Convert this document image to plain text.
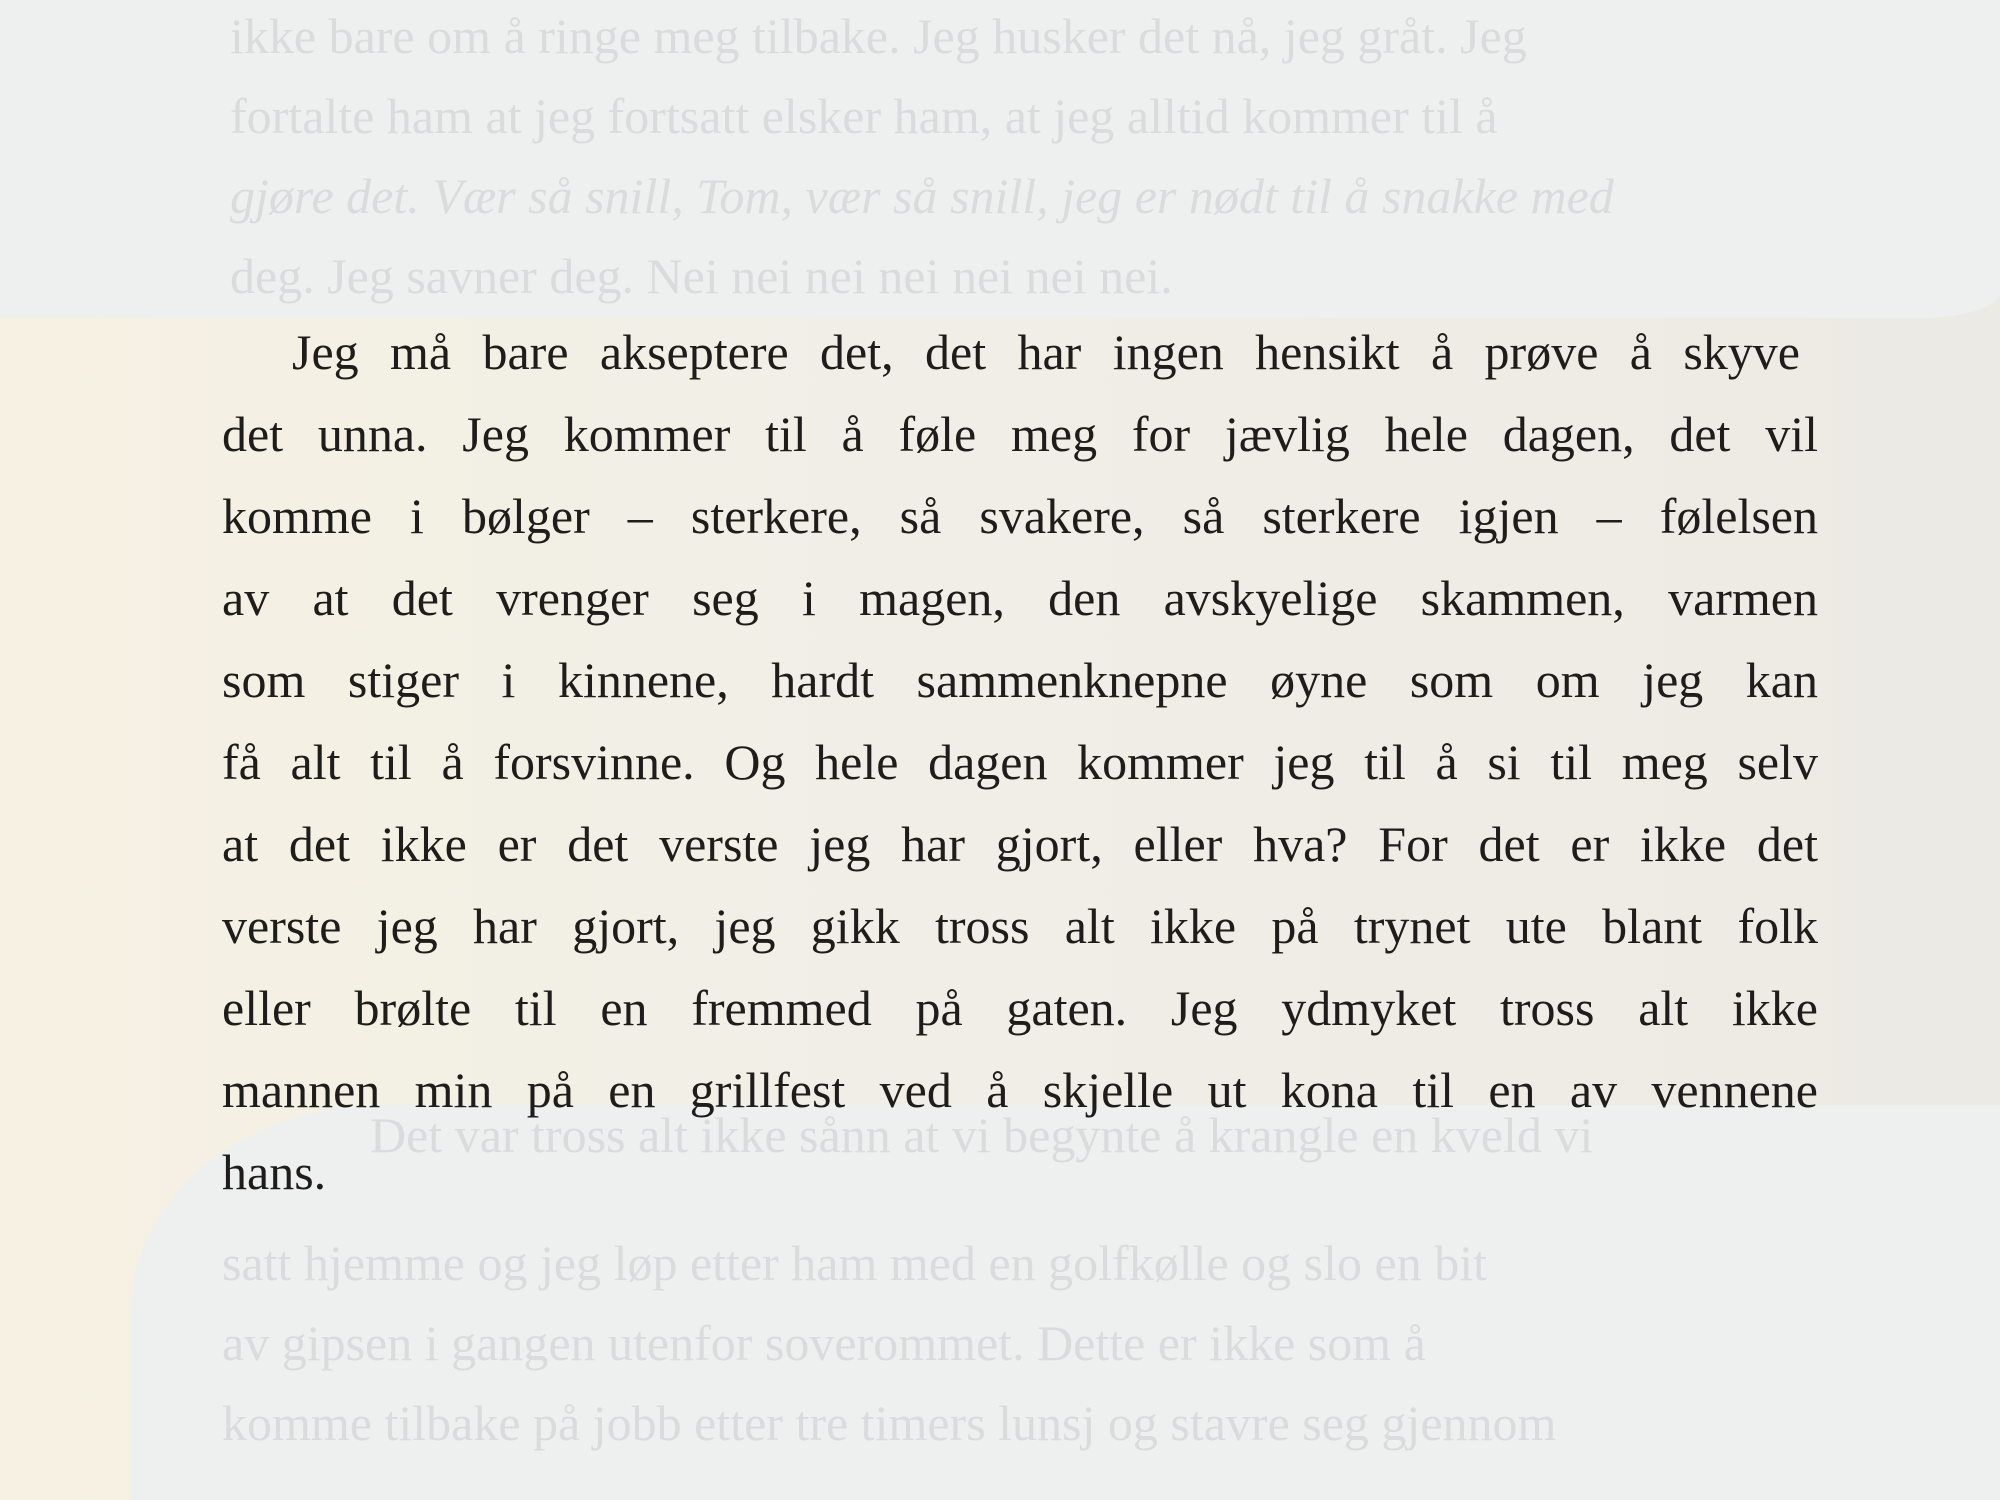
ikke bare om å ringe meg tilbake. Jeg husker det nå, jeg gråt. Jeg
fortalte ham at jeg fortsatt elsker ham, at jeg alltid kommer til å
gjøre det. Vær så snill, Tom, vær så snill, jeg er nødt til å snakke med
deg. Jeg savner deg. Nei nei nei nei nei nei nei.
Det var tross alt ikke sånn at vi begynte å krangle en kveld vi
satt hjemme og jeg løp etter ham med en golfkølle og slo en bit
av gipsen i gangen utenfor soverommet. Dette er ikke som å
komme tilbake på jobb etter tre timers lunsj og stavre seg gjennom
Jeg må bare akseptere det, det har ingen hensikt å prøve å skyve
det unna. Jeg kommer til å føle meg for jævlig hele dagen, det vil
komme i bølger – sterkere, så svakere, så sterkere igjen – følelsen
av at det vrenger seg i magen, den avskyelige skammen, varmen
som stiger i kinnene, hardt sammenknepne øyne som om jeg kan
få alt til å forsvinne. Og hele dagen kommer jeg til å si til meg selv
at det ikke er det verste jeg har gjort, eller hva? For det er ikke det
verste jeg har gjort, jeg gikk tross alt ikke på trynet ute blant folk
eller brølte til en fremmed på gaten. Jeg ydmyket tross alt ikke
mannen min på en grillfest ved å skjelle ut kona til en av vennene
hans.
